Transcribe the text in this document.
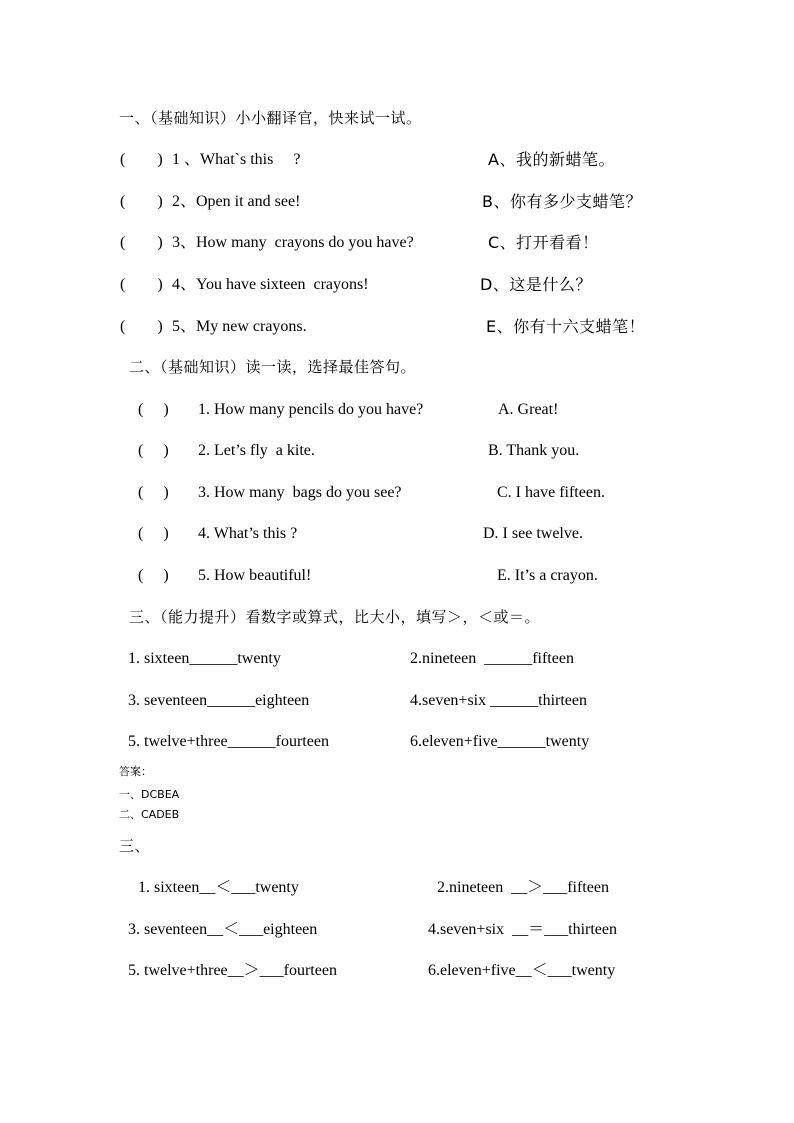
一、（基础知识）小小翻译官，快来试一试。
(        ) 1 、What`s this     ?	A、我的新蜡笔。
(        ) 2、Open it and see!	B、你有多少支蜡笔？
(        ) 3、How many  crayons do you have?	C、打开看看！
(        ) 4、You have sixteen  crayons!	D、这是什么？
(        ) 5、My new crayons.	E、你有十六支蜡笔！
二、（基础知识）读一读，选择最佳答句。
(     ) 1. How many pencils do you have?	A. Great!
(     ) 2. Let’s fly  a kite.	B. Thank you.
(     ) 3. How many  bags do you see?	C. I have fifteen.
(     ) 4. What’s this ?	D. I see twelve.
(     ) 5. How beautiful!	E. It’s a crayon.
三、（能力提升）看数字或算式，比大小，填写＞，＜或＝。
1. sixteen______twenty	2.nineteen  ______fifteen
3. seventeen______eighteen	4.seven+six ______thirteen
5. twelve+three______fourteen	6.eleven+five______twenty
答案：
一、DCBEA
二、CADEB
三、
1. sixteen__＜___twenty	2.nineteen  __＞___fifteen
3. seventeen__＜___eighteen	4.seven+six  __＝___thirteen
5. twelve+three__＞___fourteen	6.eleven+five__＜___twenty
